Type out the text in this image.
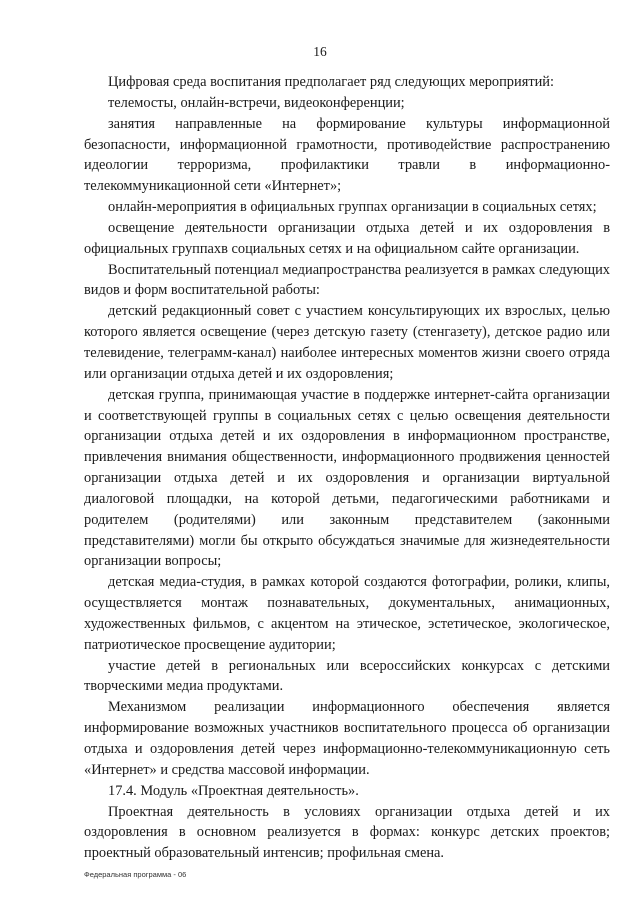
16

Цифровая среда воспитания предполагает ряд следующих мероприятий:

телемосты, онлайн-встречи, видеоконференции;

занятия направленные на формирование культуры информационной безопасности, информационной грамотности, противодействие распространению идеологии терроризма, профилактики травли в информационно-телекоммуникационной сети «Интернет»;

онлайн-мероприятия в официальных группах организации в социальных сетях;

освещение деятельности организации отдыха детей и их оздоровления в официальных группахв социальных сетях и на официальном сайте организации.

Воспитательный потенциал медиапространства реализуется в рамках следующих видов и форм воспитательной работы:

детский редакционный совет с участием консультирующих их взрослых, целью которого является освещение (через детскую газету (стенгазету), детское радио или телевидение, телеграмм-канал) наиболее интересных моментов жизни своего отряда или организации отдыха детей и их оздоровления;

детская группа, принимающая участие в поддержке интернет-сайта организации и соответствующей группы в социальных сетях с целью освещения деятельности организации отдыха детей и их оздоровления в информационном пространстве, привлечения внимания общественности, информационного продвижения ценностей организации отдыха детей и их оздоровления и организации виртуальной диалоговой площадки, на которой детьми, педагогическими работниками и родителем (родителями) или законным представителем (законными представителями) могли бы открыто обсуждаться значимые для жизнедеятельности организации вопросы;

детская медиа-студия, в рамках которой создаются фотографии, ролики, клипы, осуществляется монтаж познавательных, документальных, анимационных, художественных фильмов, с акцентом на этическое, эстетическое, экологическое, патриотическое просвещение аудитории;

участие детей в региональных или всероссийских конкурсах с детскими творческими медиа продуктами.

Механизмом реализации информационного обеспечения является информирование возможных участников воспитательного процесса об организации отдыха и оздоровления детей через информационно-телекоммуникационную сеть «Интернет» и средства массовой информации.

17.4. Модуль «Проектная деятельность».

Проектная деятельность в условиях организации отдыха детей и их оздоровления в основном реализуется в формах: конкурс детских проектов; проектный образовательный интенсив; профильная смена.

Федеральная программа - 06
